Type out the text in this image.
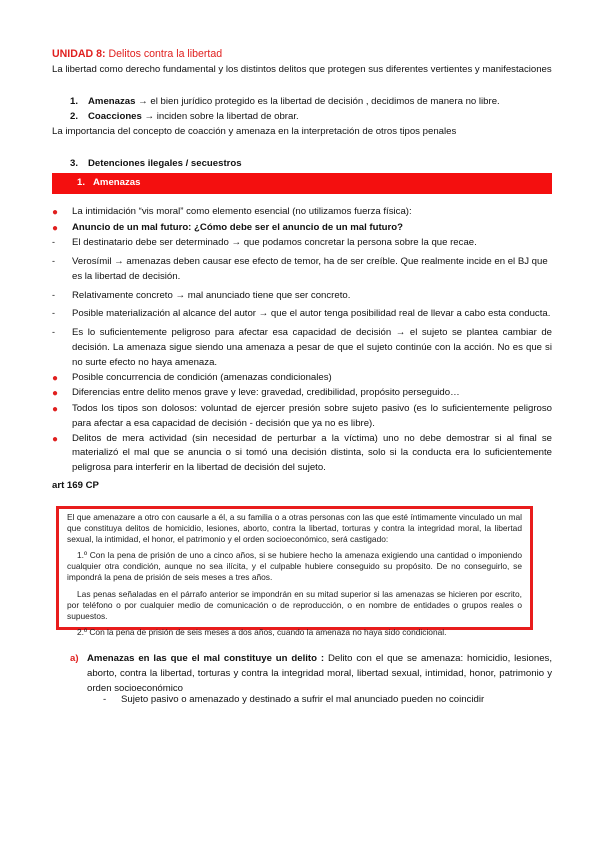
UNIDAD 8: Delitos contra la libertad
La libertad como derecho fundamental y los distintos delitos que protegen sus diferentes vertientes y manifestaciones
1.	Amenazas → el bien jurídico protegido es la libertad de decisión , decidimos de manera no libre.
2.	Coacciones → inciden sobre la libertad de obrar.
La importancia del concepto de coacción y amenaza en la interpretación de otros tipos penales
3.	Detenciones ilegales / secuestros
1. Amenazas
●	La intimidación “vis moral” como elemento esencial (no utilizamos fuerza física):
●	Anuncio de un mal futuro: ¿Cómo debe ser el anuncio de un mal futuro?
-	El destinatario debe ser determinado → que podamos concretar la persona sobre la que recae.
-	Verosímil → amenazas deben causar ese efecto de temor, ha de ser creíble. Que realmente incide en el BJ que es la libertad de decisión.
-	Relativamente concreto → mal anunciado tiene que ser concreto.
-	Posible materialización al alcance del autor → que el autor tenga posibilidad real de llevar a cabo esta conducta.
-	Es lo suficientemente peligroso para afectar esa capacidad de decisión → el sujeto se plantea cambiar de decisión. La amenaza sigue siendo una amenaza a pesar de que el sujeto continúe con la acción. No es que si no surte efecto no haya amenaza.
●	Posible concurrencia de condición (amenazas condicionales)
●	Diferencias entre delito menos grave y leve: gravedad, credibilidad, propósito perseguido…
●	Todos los tipos son dolosos: voluntad de ejercer presión sobre sujeto pasivo (es lo suficientemente peligroso para afectar a esa capacidad de decisión - decisión que ya no es libre).
●	Delitos de mera actividad (sin necesidad de perturbar a la víctima) uno no debe demostrar si al final se materializó el mal que se anuncia o si tomó una decisión distinta, solo si la conducta era lo suficientemente peligrosa para interferir en la libertad de decisión del sujeto.
art 169 CP

El que amenazare a otro con causarle a él, a su familia o a otras personas con las que esté íntimamente vinculado un mal que constituya delitos de homicidio, lesiones, aborto, contra la libertad, torturas y contra la integridad moral, la libertad sexual, la intimidad, el honor, el patrimonio y el orden socioeconómico, será castigado:

1.º Con la pena de prisión de uno a cinco años, si se hubiere hecho la amenaza exigiendo una cantidad o imponiendo cualquier otra condición, aunque no sea ilícita, y el culpable hubiere conseguido su propósito. De no conseguirlo, se impondrá la pena de prisión de seis meses a tres años.

Las penas señaladas en el párrafo anterior se impondrán en su mitad superior si las amenazas se hicieren por escrito, por teléfono o por cualquier medio de comunicación o de reproducción, o en nombre de entidades o grupos reales o supuestos.

2.º Con la pena de prisión de seis meses a dos años, cuando la amenaza no haya sido condicional.

a) Amenazas en las que el mal constituye un delito : Delito con el que se amenaza: homicidio, lesiones, aborto, contra la libertad, torturas y contra la integridad moral, libertad sexual, intimidad, honor, patrimonio y orden socioeconómico
-	Sujeto pasivo o amenazado y destinado a sufrir el mal anunciado pueden no coincidir
